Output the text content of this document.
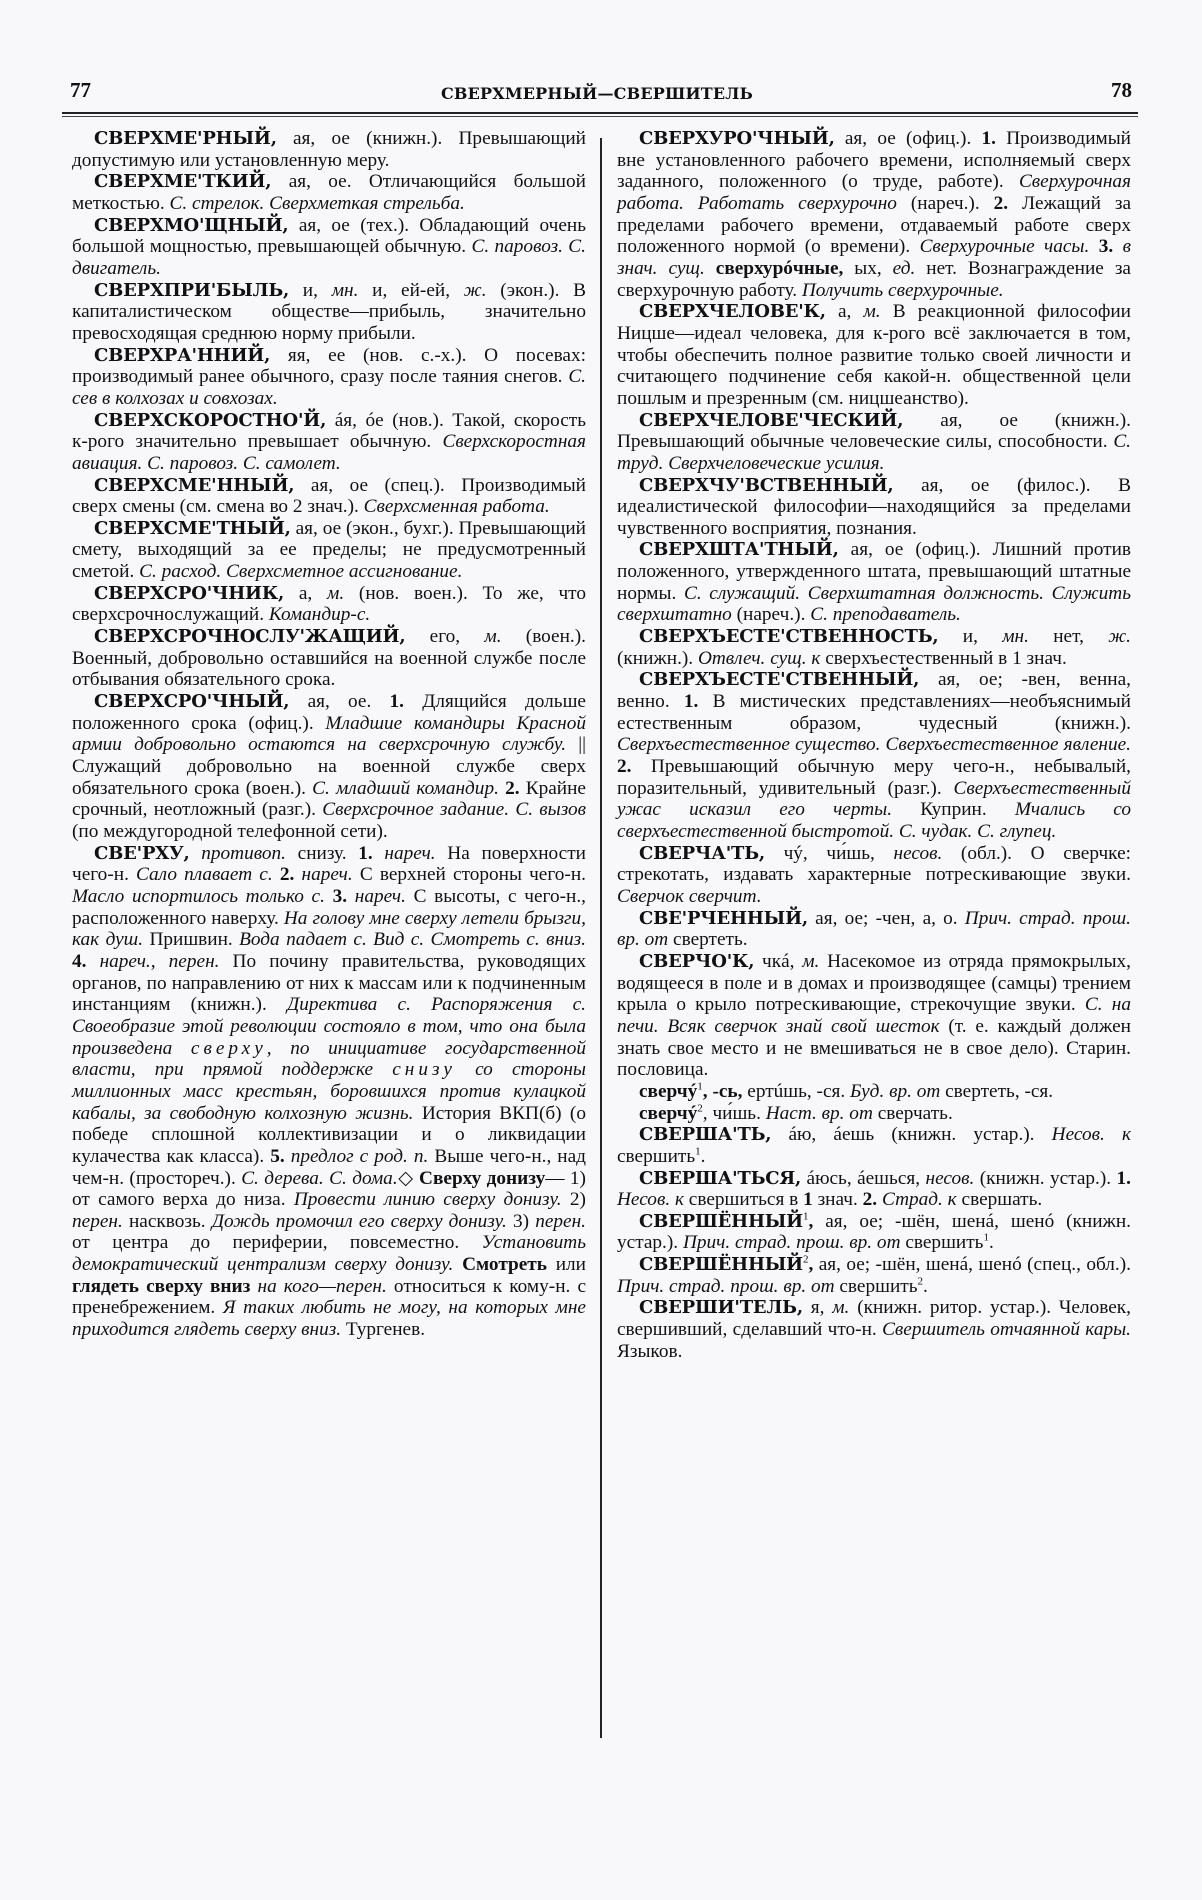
77	СВЕРХМЕРНЫЙ—СВЕРШИТЕЛЬ	78

СВЕРХМЕ'РНЫЙ, ая, ое (книжн.). Превышающий допустимую или установленную меру.

СВЕРХМЕ'ТКИЙ, ая, ое. Отличающийся большой меткостью. С. стрелок. Сверхметкая стрельба.

СВЕРХМО'ЩНЫЙ, ая, ое (тех.). Обладающий очень большой мощностью, превышающей обычную. С. паровоз. С. двигатель.

СВЕРХПРИ'БЫЛЬ, и, мн. и, ей-ей, ж. (экон.). В капиталистическом обществе—прибыль, значительно превосходящая среднюю норму прибыли.

СВЕРХРА'ННИЙ, яя, ее (нов. с.-х.). О посевах: производимый ранее обычного, сразу после таяния снегов. С. сев в колхозах и совхозах.

СВЕРХСКОРОСТНО'Й, áя, óе (нов.). Такой, скорость к-рого значительно превышает обычную. Сверхскоростная авиация. С. паровоз. С. самолет.

СВЕРХСМЕ'ННЫЙ, ая, ое (спец.). Производимый сверх смены (см. смена во 2 знач.). Сверхсменная работа.

СВЕРХСМЕ'ТНЫЙ, ая, ое (экон., бухг.). Превышающий смету, выходящий за ее пределы; не предусмотренный сметой. С. расход. Сверхсметное ассигнование.

СВЕРХСРО'ЧНИК, а, м. (нов. воен.). То же, что сверхсрочнослужащий. Командир-с.

СВЕРХСРОЧНОСЛУ'ЖАЩИЙ, его, м. (воен.). Военный, добровольно оставшийся на военной службе после отбывания обязательного срока.

СВЕРХСРО'ЧНЫЙ, ая, ое. 1. Длящийся дольше положенного срока (офиц.). Младшие командиры Красной армии добровольно остаются на сверхсрочную службу. || Служащий добровольно на военной службе сверх обязательного срока (воен.). С. младший командир. 2. Крайне срочный, неотложный (разг.). Сверхсрочное задание. С. вызов (по междугородной телефонной сети).

СВЕ'РХУ, противоп. снизу. 1. нареч. На поверхности чего-н. Сало плавает с. 2. нареч. С верхней стороны чего-н. Масло испортилось только с. 3. нареч. С высоты, с чего-н., расположенного наверху. На голову мне сверху летели брызги, как душ. Пришвин. Вода падает с. Вид с. Смотреть с. вниз. 4. нареч., перен. По почину правительства, руководящих органов, по направлению от них к массам или к подчиненным инстанциям (книжн.). Директива с. Распоряжения с. Своеобразие этой революции состояло в том, что она была произведена сверху, по инициативе государственной власти, при прямой поддержке снизу со стороны миллионных масс крестьян, боровшихся против кулацкой кабалы, за свободную колхозную жизнь. История ВКП(б) (о победе сплошной коллективизации и о ликвидации кулачества как класса). 5. предлог с род. п. Выше чего-н., над чем-н. (простореч.). С. дерева. С. дома.◇ Сверху донизу— 1) от самого верха до низа. Провести линию сверху донизу. 2) перен. насквозь. Дождь промочил его сверху донизу. 3) перен. от центра до периферии, повсеместно. Установить демократический централизм сверху донизу. Смотреть или глядеть сверху вниз на кого—перен. относиться к кому-н. с пренебрежением. Я таких любить не могу, на которых мне приходится глядеть сверху вниз. Тургенев.

СВЕРХУРО'ЧНЫЙ, ая, ое (офиц.). 1. Производимый вне установленного рабочего времени, исполняемый сверх заданного, положенного (о труде, работе). Сверхурочная работа. Работать сверхурочно (нареч.). 2. Лежащий за пределами рабочего времени, отдаваемый работе сверх положенного нормой (о времени). Сверхурочные часы. 3. в знач. сущ. сверхурóчные, ых, ед. нет. Вознаграждение за сверхурочную работу. Получить сверхурочные.

СВЕРХЧЕЛОВЕ'К, а, м. В реакционной философии Ницше—идеал человека, для к-рого всё заключается в том, чтобы обеспечить полное развитие только своей личности и считающего подчинение себя какой-н. общественной цели пошлым и презренным (см. ницшеанство).

СВЕРХЧЕЛОВЕ'ЧЕСКИЙ, ая, ое (книжн.). Превышающий обычные человеческие силы, способности. С. труд. Сверхчеловеческие усилия.

СВЕРХЧУ'ВСТВЕННЫЙ, ая, ое (филос.). В идеалистической философии—находящийся за пределами чувственного восприятия, познания.

СВЕРХШТА'ТНЫЙ, ая, ое (офиц.). Лишний против положенного, утвержденного штата, превышающий штатные нормы. С. служащий. Сверхштатная должность. Служить сверхштатно (нареч.). С. преподаватель.

СВЕРХЪЕСТЕ'СТВЕННОСТЬ, и, мн. нет, ж. (книжн.). Отвлеч. сущ. к сверхъестественный в 1 знач.

СВЕРХЪЕСТЕ'СТВЕННЫЙ, ая, ое; -вен, венна, венно. 1. В мистических представлениях—необъяснимый естественным образом, чудесный (книжн.). Сверхъестественное существо. Сверхъестественное явление. 2. Превышающий обычную меру чего-н., небывалый, поразительный, удивительный (разг.). Сверхъестественный ужас исказил его черты. Куприн. Мчались со сверхъестественной быстротой. С. чудак. С. глупец.

СВЕРЧА'ТЬ, чý, чи́шь, несов. (обл.). О сверчке: стрекотать, издавать характерные потрескивающие звуки. Сверчок сверчит.

СВЕ'РЧЕННЫЙ, ая, ое; -чен, а, о. Прич. страд. прош. вр. от свертеть.

СВЕРЧО'К, чкá, м. Насекомое из отряда прямокрылых, водящееся в поле и в домах и производящее (самцы) трением крыла о крыло потрескивающие, стрекочущие звуки. С. на печи. Всяк сверчок знай свой шесток (т. е. каждый должен знать свое место и не вмешиваться не в свое дело). Старин. пословица.

сверчý$^1$, -сь, ертúшь, -ся. Буд. вр. от свертеть, -ся.

сверчý$^2$, чи́шь. Наст. вр. от сверчать.

СВЕРША'ТЬ, áю, áешь (книжн. устар.). Несов. к свершить$^1$.

СВЕРША'ТЬСЯ, áюсь, áешься, несов. (книжн. устар.). 1. Несов. к свершиться в 1 знач. 2. Страд. к свершать.

СВЕРШЁННЫЙ$^1$, ая, ое; -шён, шенá, шенó (книжн. устар.). Прич. страд. прош. вр. от свершить$^1$.

СВЕРШЁННЫЙ$^2$, ая, ое; -шён, шенá, шенó (спец., обл.). Прич. страд. прош. вр. от свершить$^2$.

СВЕРШИ'ТЕЛЬ, я, м. (книжн. ритор. устар.). Человек, свершивший, сделавший что-н. Свершитель отчаянной кары. Языков.
